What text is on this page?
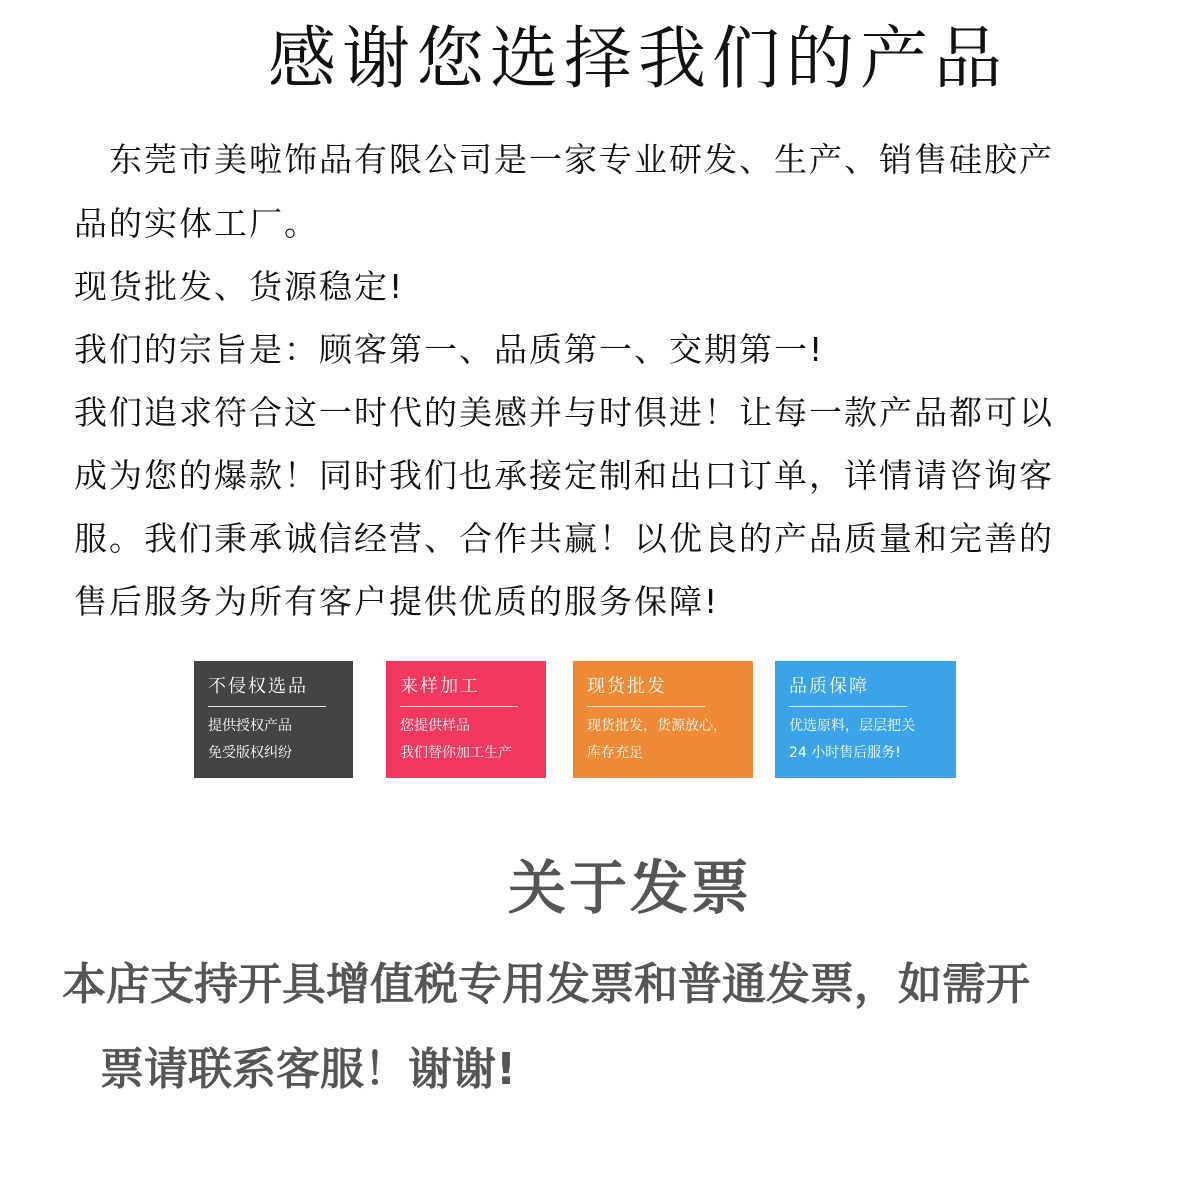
感谢您选择我们的产品
　东莞市美啦饰品有限公司是一家专业研发、生产、销售硅胶产
品的实体工厂。
现货批发、货源稳定!
我们的宗旨是：顾客第一、品质第一、交期第一!
我们追求符合这一时代的美感并与时俱进！让每一款产品都可以
成为您的爆款！同时我们也承接定制和出口订单，详情请咨询客
服。我们秉承诚信经营、合作共赢！以优良的产品质量和完善的
售后服务为所有客户提供优质的服务保障!
不侵权选品
提供授权产品
免受版权纠纷
来样加工
您提供样品
我们替你加工生产
现货批发
现货批发，货源放心，
库存充足
品质保障
优选原料，层层把关
24 小时售后服务!
关于发票
本店支持开具增值税专用发票和普通发票，如需开
票请联系客服！谢谢!
